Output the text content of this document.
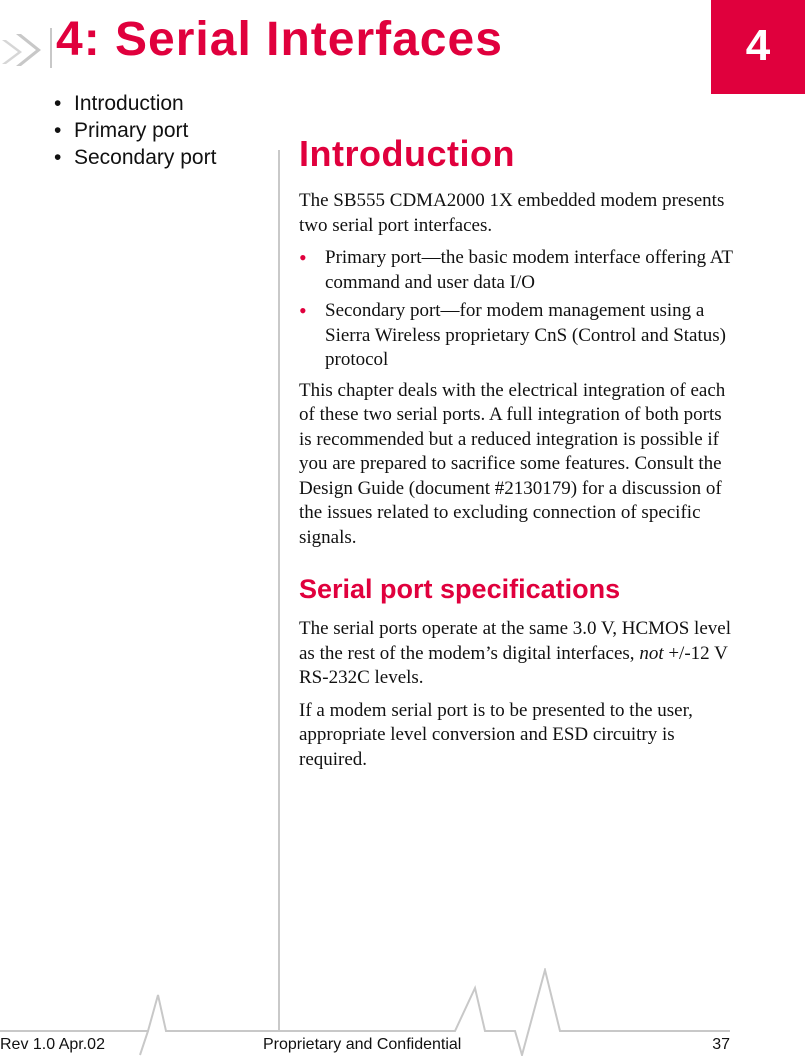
4: Serial Interfaces	4
• Introduction
• Primary port
• Secondary port Introduction

The SB555 CDMA2000 1X embedded modem presents two serial port interfaces.

• Primary port—the basic modem interface offering AT command and user data I/O
• Secondary port—for modem management using a Sierra Wireless proprietary CnS (Control and Status) protocol

This chapter deals with the electrical integration of each of these two serial ports. A full integration of both ports is recommended but a reduced integration is possible if you are prepared to sacrifice some features. Consult the Design Guide (document #2130179) for a discussion of the issues related to excluding connection of specific signals.

Serial port specifications

The serial ports operate at the same 3.0 V, HCMOS level as the rest of the modem’s digital interfaces, not +/-12 V RS-232C levels.

If a modem serial port is to be presented to the user, appropriate level conversion and ESD circuitry is required.

Rev 1.0 Apr.02	Proprietary and Confidential	37
